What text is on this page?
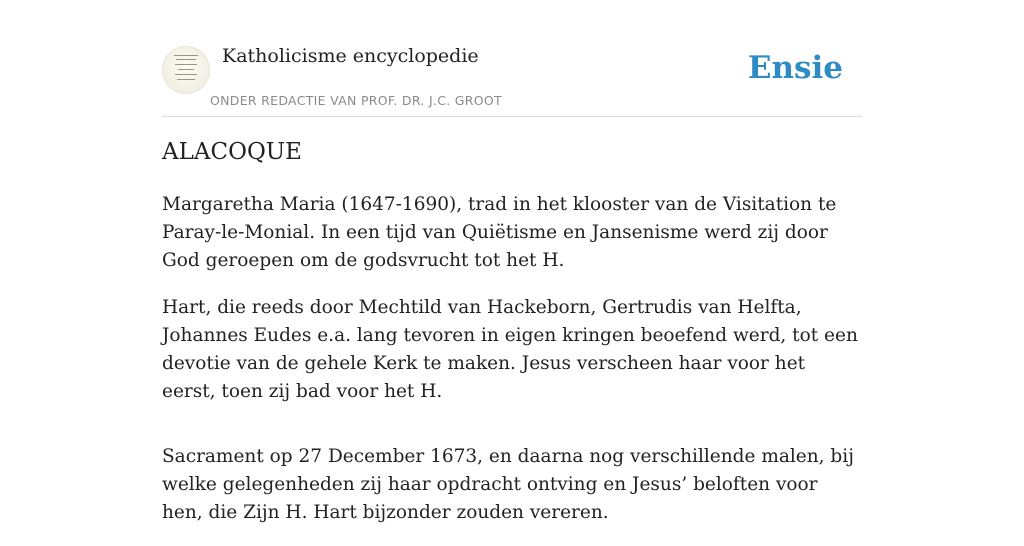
Katholicisme encyclopedie
ONDER REDACTIE VAN PROF. DR. J.C. GROOT
Ensie
ALACOQUE

Margaretha Maria (1647-1690), trad in het klooster van de Visitation te Paray-le-Monial. In een tijd van Quiëtisme en Jansenisme werd zij door God geroepen om de godsvrucht tot het H.

Hart, die reeds door Mechtild van Hackeborn, Gertrudis van Helfta, Johannes Eudes e.a. lang tevoren in eigen kringen beoefend werd, tot een devotie van de gehele Kerk te maken. Jesus verscheen haar voor het eerst, toen zij bad voor het H.

Sacrament op 27 December 1673, en daarna nog verschillende malen, bij welke gelegenheden zij haar opdracht ontving en Jesus’ beloften voor hen, die Zijn H. Hart bijzonder zouden vereren.
